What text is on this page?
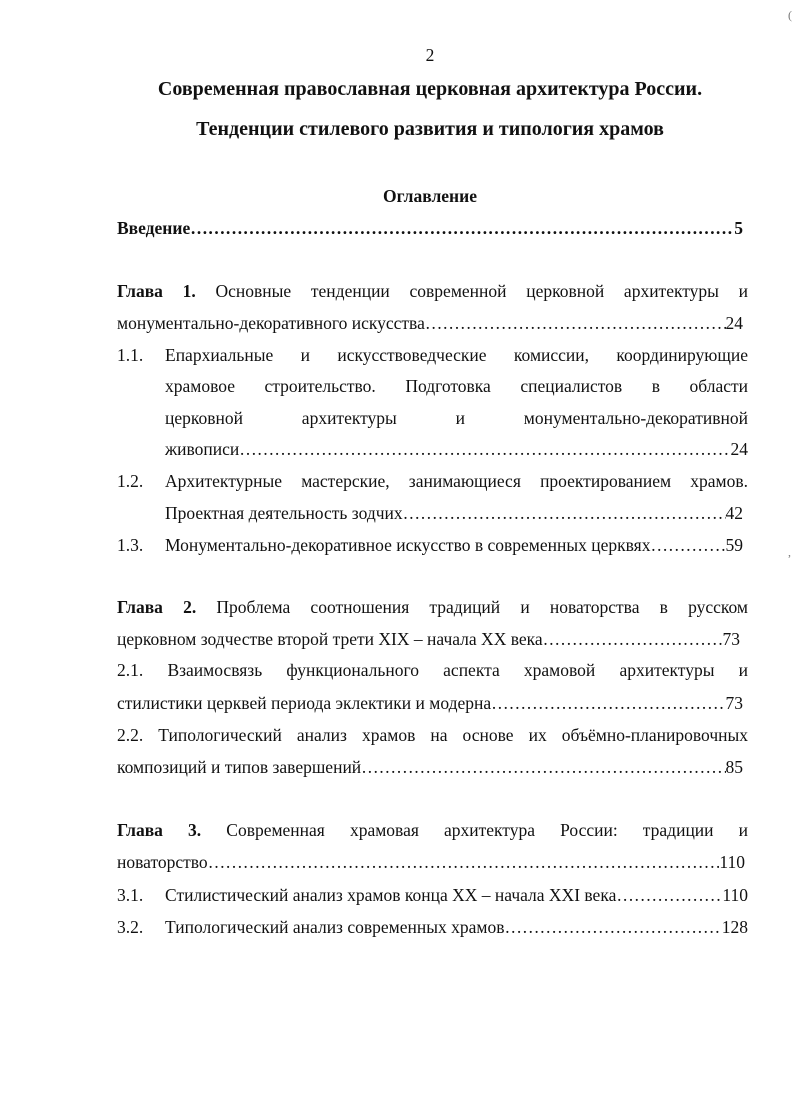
2
Современная православная церковная архитектура России.
Тенденции стилевого развития и типология храмов
Оглавление
Введение ……………………………………………………………………………………………………………………………………………………………………	5
Глава 1. Основные тенденции современной церковной архитектуры и
монументально-декоративного искусства ……………………………………………………………………………………………………………………………………………………………………	24
1.1. Епархиальные и искусствоведческие комиссии, координирующие
храмовое строительство. Подготовка специалистов в области
церковной архитектуры и монументально-декоративной
живописи ……………………………………………………………………………………………………………………………………………………………………	24
1.2. Архитектурные мастерские, занимающиеся проектированием храмов.
Проектная деятельность зодчих ……………………………………………………………………………………………………………………………………………………………………	42
1.3. Монументально-декоративное искусство в современных церквях ……………………………………………………………………………………………………………………………………………………………………	59
Глава 2. Проблема соотношения традиций и новаторства в русском
церковном зодчестве второй трети XIX – начала XX века ……………………………………………………………………………………………………………………………………………………………………	73
2.1. Взаимосвязь функционального аспекта храмовой архитектуры и
стилистики церквей периода эклектики и модерна ……………………………………………………………………………………………………………………………………………………………………	73
2.2. Типологический анализ храмов на основе их объёмно-планировочных
композиций и типов завершений ……………………………………………………………………………………………………………………………………………………………………	85
Глава 3. Современная храмовая архитектура России: традиции и
новаторство ……………………………………………………………………………………………………………………………………………………………………	110
3.1. Стилистический анализ храмов конца XX – начала XXI века ……………………………………………………………………………………………………………………………………………………………………	110
3.2. Типологический анализ современных храмов ……………………………………………………………………………………………………………………………………………………………………	128
(
,
